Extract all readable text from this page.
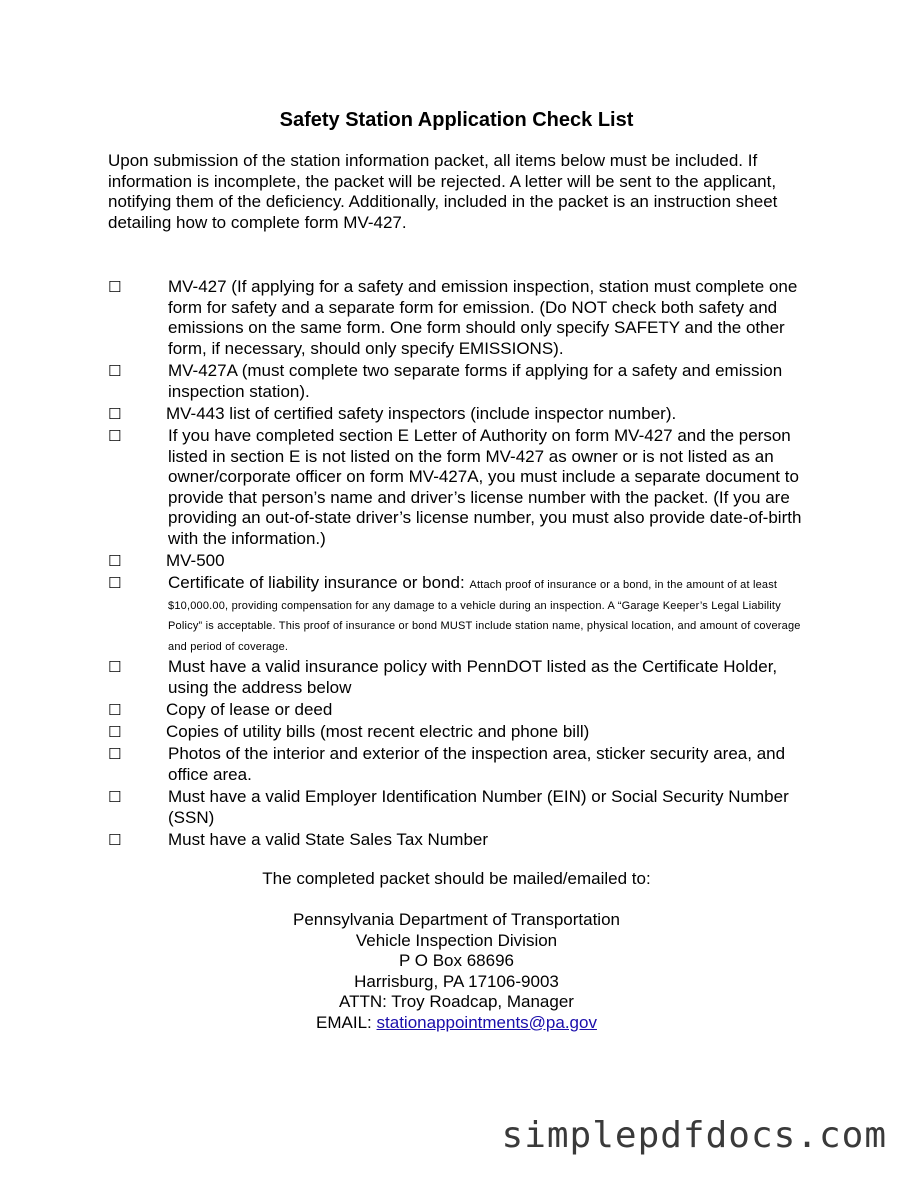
Safety Station Application Check List
Upon submission of the station information packet, all items below must be included. If information is incomplete, the packet will be rejected. A letter will be sent to the applicant, notifying them of the deficiency. Additionally, included in the packet is an instruction sheet detailing how to complete form MV-427.
☐	MV-427 (If applying for a safety and emission inspection, station must complete one form for safety and a separate form for emission. (Do NOT check both safety and emissions on the same form. One form should only specify SAFETY and the other form, if necessary, should only specify EMISSIONS).
☐	MV-427A (must complete two separate forms if applying for a safety and emission inspection station).
☐	MV-443 list of certified safety inspectors (include inspector number).
☐	If you have completed section E Letter of Authority on form MV-427 and the person listed in section E is not listed on the form MV-427 as owner or is not listed as an owner/corporate officer on form MV-427A, you must include a separate document to provide that person’s name and driver’s license number with the packet. (If you are providing an out-of-state driver’s license number, you must also provide date-of-birth with the information.)
☐	MV-500
☐	Certificate of liability insurance or bond: Attach proof of insurance or a bond, in the amount of at least $10,000.00, providing compensation for any damage to a vehicle during an inspection. A “Garage Keeper’s Legal Liability Policy” is acceptable. This proof of insurance or bond MUST include station name, physical location, and amount of coverage and period of coverage.
☐	Must have a valid insurance policy with PennDOT listed as the Certificate Holder, using the address below
☐	Copy of lease or deed
☐	Copies of utility bills (most recent electric and phone bill)
☐	Photos of the interior and exterior of the inspection area, sticker security area, and office area.
☐	Must have a valid Employer Identification Number (EIN) or Social Security Number (SSN)
☐	Must have a valid State Sales Tax Number
The completed packet should be mailed/emailed to:
Pennsylvania Department of Transportation
Vehicle Inspection Division
P O Box 68696
Harrisburg, PA 17106-9003
ATTN: Troy Roadcap, Manager
EMAIL: stationappointments@pa.gov
simplepdfdocs.com
